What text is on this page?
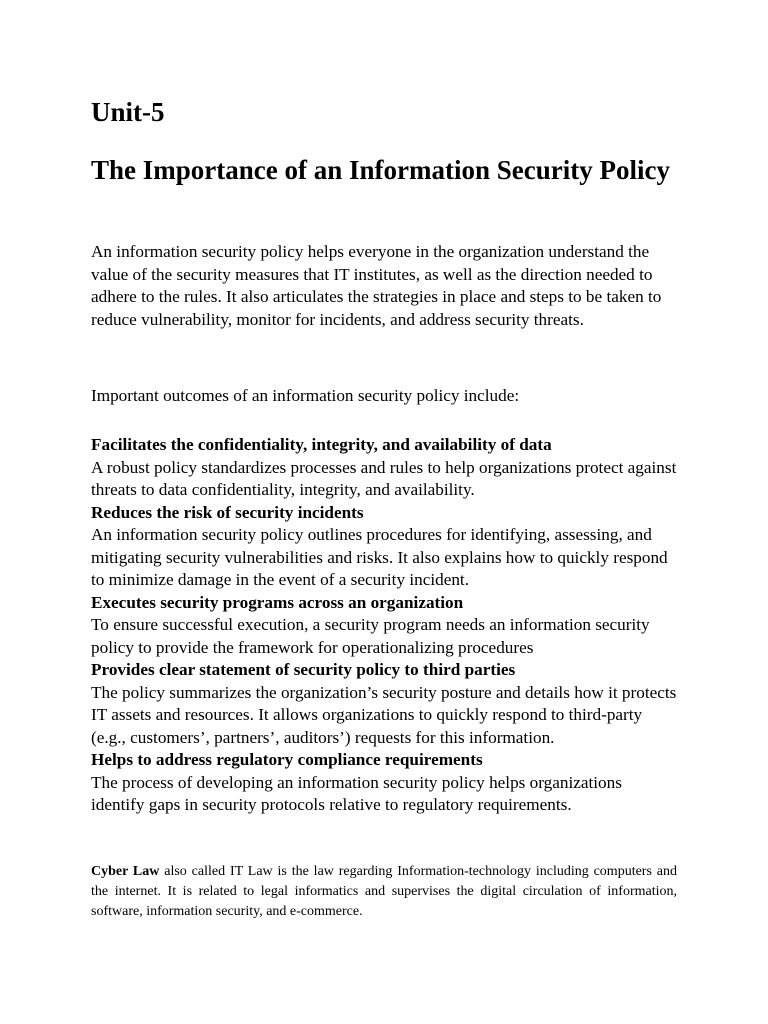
Unit-5
The Importance of an Information Security Policy

An information security policy helps everyone in the organization understand the value of the security measures that IT institutes, as well as the direction needed to adhere to the rules. It also articulates the strategies in place and steps to be taken to reduce vulnerability, monitor for incidents, and address security threats.

Important outcomes of an information security policy include:

Facilitates the confidentiality, integrity, and availability of data
A robust policy standardizes processes and rules to help organizations protect against threats to data confidentiality, integrity, and availability.
Reduces the risk of security incidents
An information security policy outlines procedures for identifying, assessing, and mitigating security vulnerabilities and risks. It also explains how to quickly respond to minimize damage in the event of a security incident.
Executes security programs across an organization
To ensure successful execution, a security program needs an information security policy to provide the framework for operationalizing procedures
Provides clear statement of security policy to third parties
The policy summarizes the organization’s security posture and details how it protects IT assets and resources. It allows organizations to quickly respond to third-party (e.g., customers’, partners’, auditors’) requests for this information.
Helps to address regulatory compliance requirements
The process of developing an information security policy helps organizations identify gaps in security protocols relative to regulatory requirements.

Cyber Law also called IT Law is the law regarding Information-technology including computers and the internet. It is related to legal informatics and supervises the digital circulation of information, software, information security, and e-commerce.
